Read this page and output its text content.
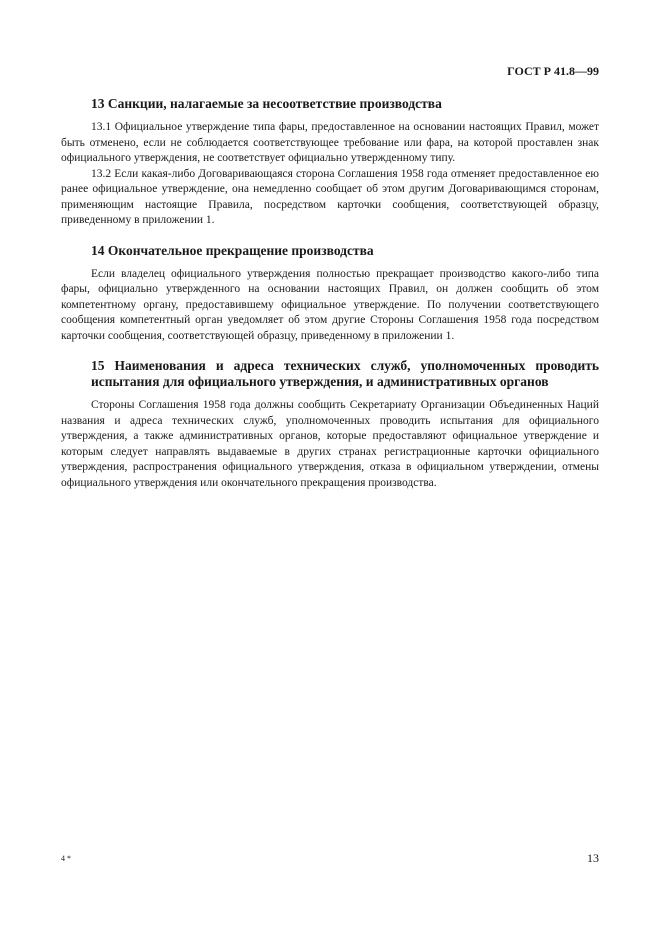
ГОСТ Р 41.8—99
13 Санкции, налагаемые за несоответствие производства

13.1 Официальное утверждение типа фары, предоставленное на основании настоящих Правил, может быть отменено, если не соблюдается соответствующее требование или фара, на которой проставлен знак официального утверждения, не соответствует официально утвержденному типу.

13.2 Если какая-либо Договаривающаяся сторона Соглашения 1958 года отменяет предоставленное ею ранее официальное утверждение, она немедленно сообщает об этом другим Договаривающимся сторонам, применяющим настоящие Правила, посредством карточки сообщения, соответствующей образцу, приведенному в приложении 1.

14 Окончательное прекращение производства

Если владелец официального утверждения полностью прекращает производство какого-либо типа фары, официально утвержденного на основании настоящих Правил, он должен сообщить об этом компетентному органу, предоставившему официальное утверждение. По получении соответствующего сообщения компетентный орган уведомляет об этом другие Стороны Соглашения 1958 года посредством карточки сообщения, соответствующей образцу, приведенному в приложении 1.

15 Наименования и адреса технических служб, уполномоченных проводить испытания для официального утверждения, и административных органов

Стороны Соглашения 1958 года должны сообщить Секретариату Организации Объединенных Наций названия и адреса технических служб, уполномоченных проводить испытания для официального утверждения, а также административных органов, которые предоставляют официальное утверждение и которым следует направлять выдаваемые в других странах регистрационные карточки официального утверждения, распространения официального утверждения, отказа в официальном утверждении, отмены официального утверждения или окончательного прекращения производства.

4 *	13
